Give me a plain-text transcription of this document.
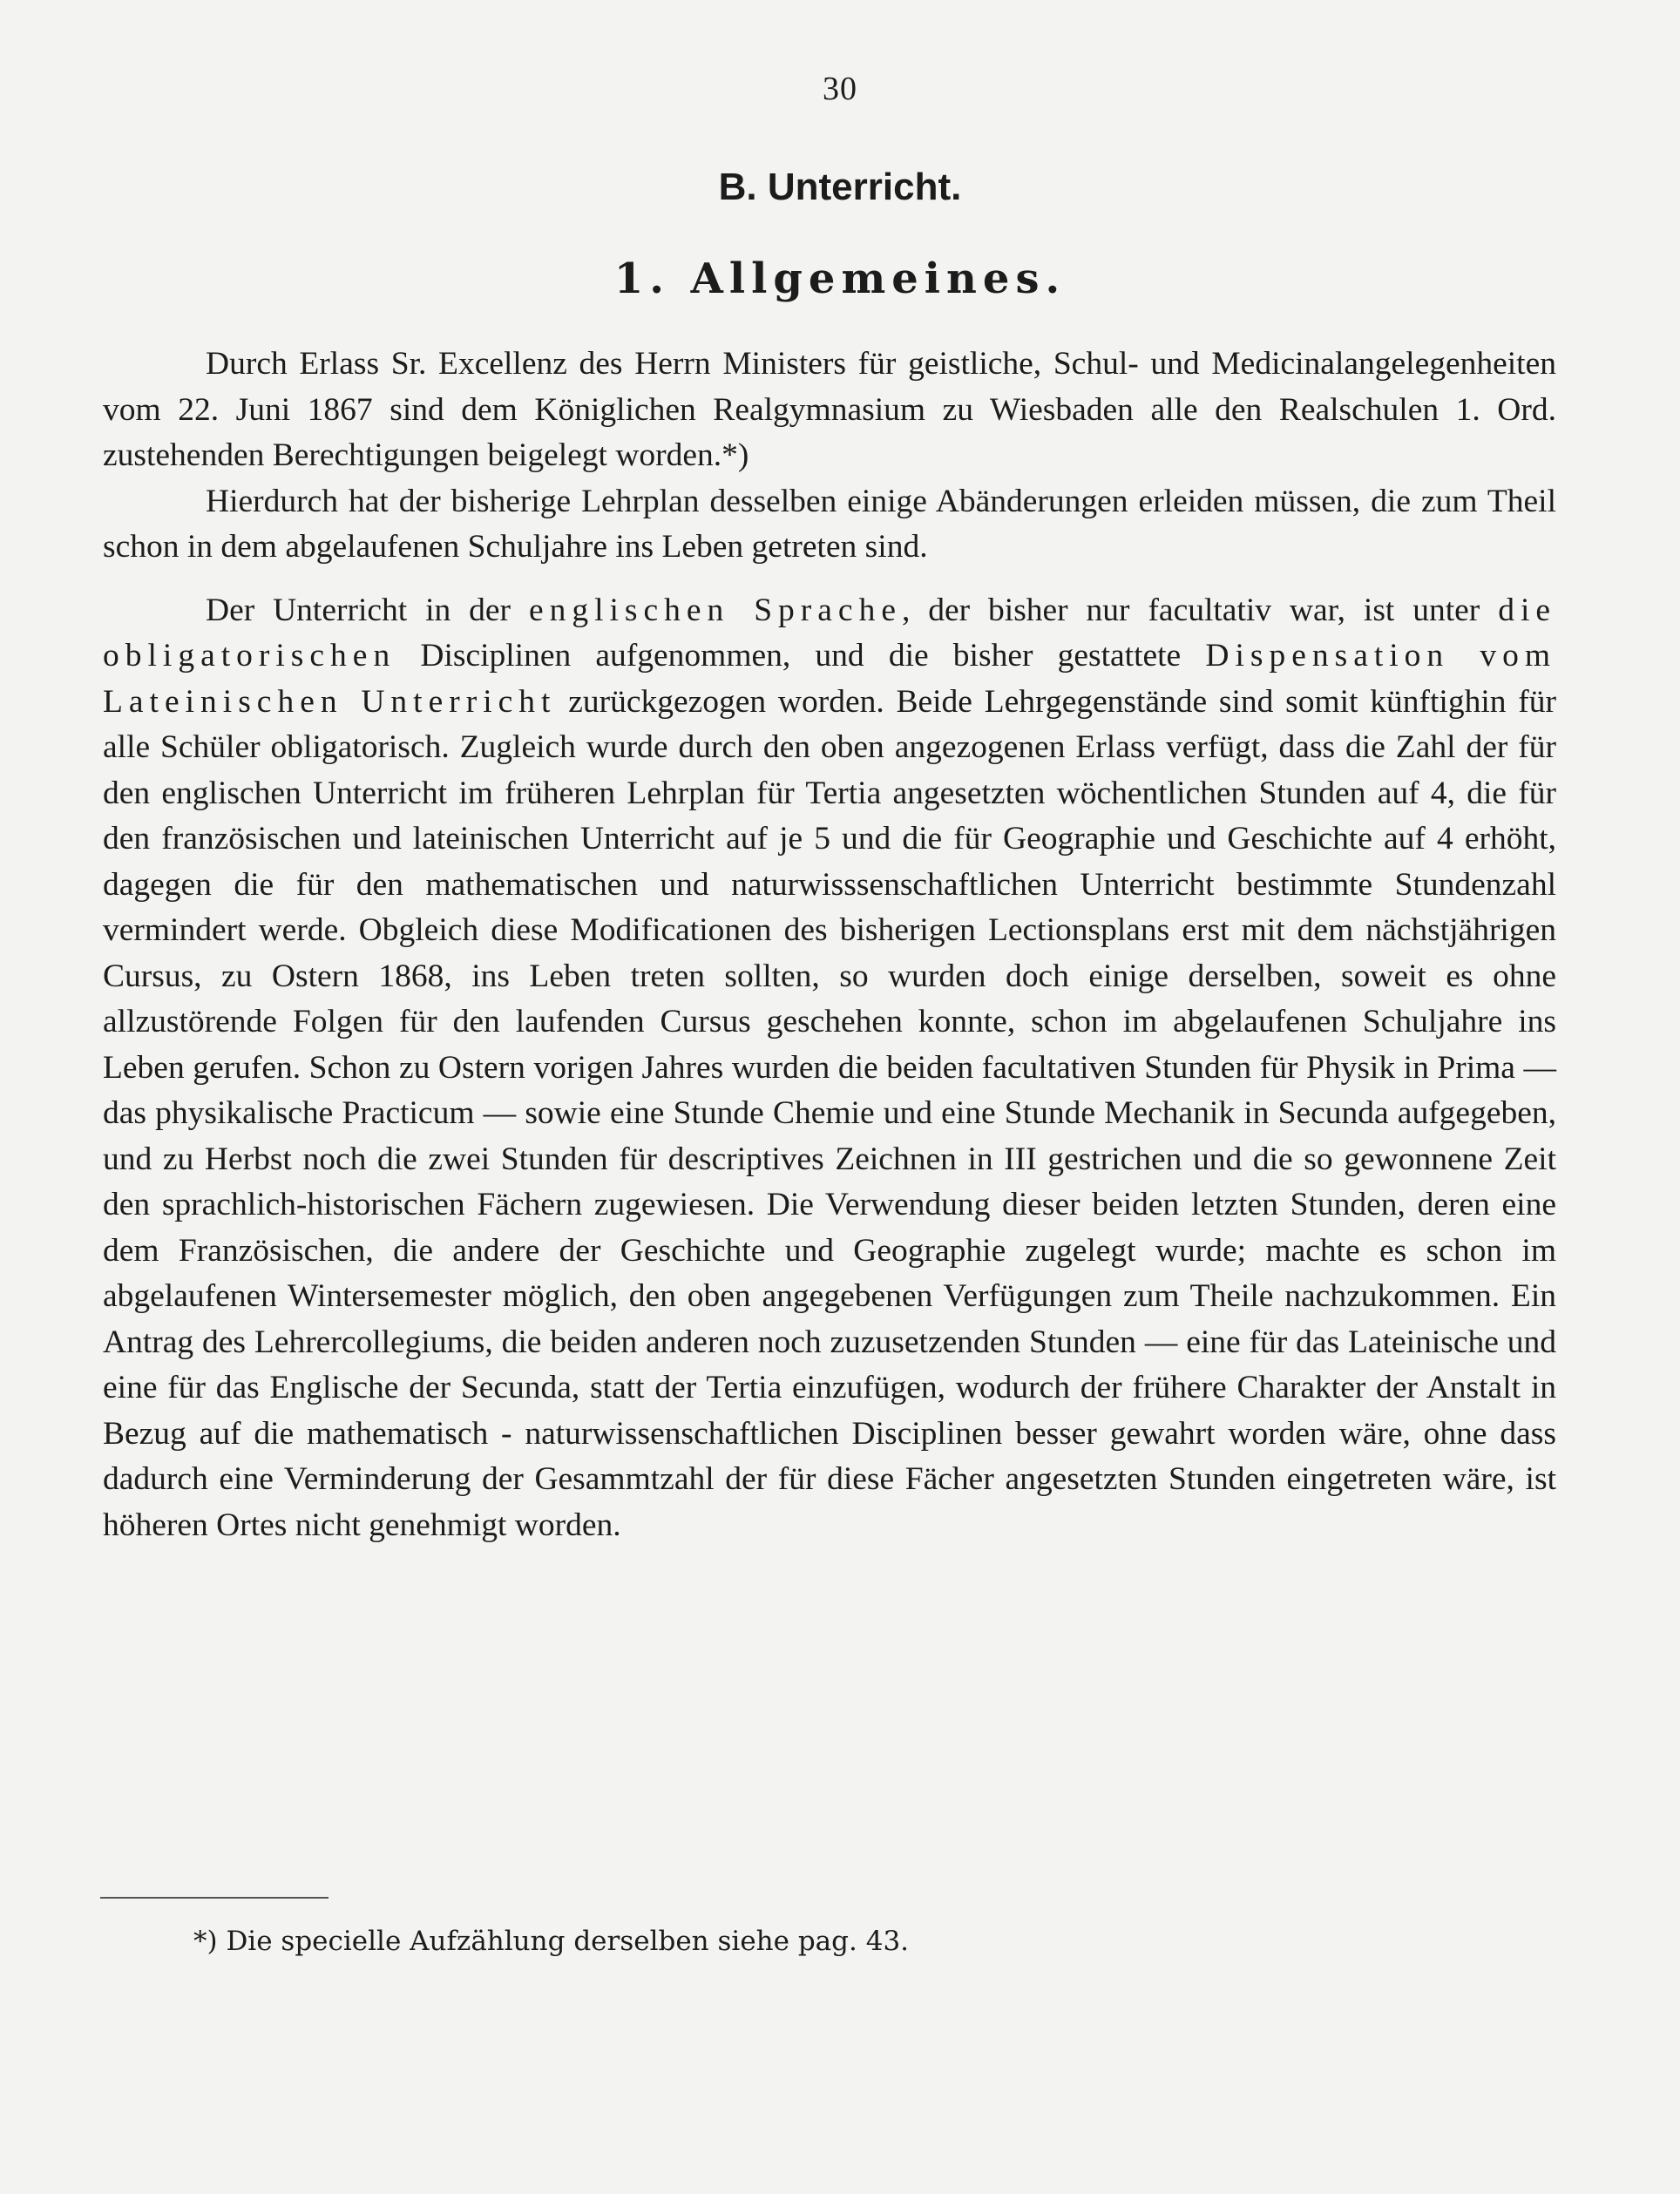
30
B. Unterricht.
1. Allgemeines.

Durch Erlass Sr. Excellenz des Herrn Ministers für geistliche, Schul- und Medicinalangelegenheiten vom 22. Juni 1867 sind dem Königlichen Realgymnasium zu Wiesbaden alle den Realschulen 1. Ord. zustehenden Berechtigungen beigelegt worden.*)

Hierdurch hat der bisherige Lehrplan desselben einige Abänderungen erleiden müssen, die zum Theil schon in dem abgelaufenen Schuljahre ins Leben getreten sind.

Der Unterricht in der englischen Sprache, der bisher nur facultativ war, ist unter die obligatorischen Disciplinen aufgenommen, und die bisher gestattete Dispensation vom Lateinischen Unterricht zurückgezogen worden. Beide Lehrgegenstände sind somit künftighin für alle Schüler obligatorisch. Zugleich wurde durch den oben angezogenen Erlass verfügt, dass die Zahl der für den englischen Unterricht im früheren Lehrplan für Tertia angesetzten wöchentlichen Stunden auf 4, die für den französischen und lateinischen Unterricht auf je 5 und die für Geographie und Geschichte auf 4 erhöht, dagegen die für den mathematischen und naturwisssenschaftlichen Unterricht bestimmte Stundenzahl vermindert werde. Obgleich diese Modificationen des bisherigen Lectionsplans erst mit dem nächstjährigen Cursus, zu Ostern 1868, ins Leben treten sollten, so wurden doch einige derselben, soweit es ohne allzustörende Folgen für den laufenden Cursus geschehen konnte, schon im abgelaufenen Schuljahre ins Leben gerufen. Schon zu Ostern vorigen Jahres wurden die beiden facultativen Stunden für Physik in Prima — das physikalische Practicum — sowie eine Stunde Chemie und eine Stunde Mechanik in Secunda aufgegeben, und zu Herbst noch die zwei Stunden für descriptives Zeichnen in III gestrichen und die so gewonnene Zeit den sprachlich-historischen Fächern zugewiesen. Die Verwendung dieser beiden letzten Stunden, deren eine dem Französischen, die andere der Geschichte und Geographie zugelegt wurde; machte es schon im abgelaufenen Wintersemester möglich, den oben angegebenen Verfügungen zum Theile nachzukommen. Ein Antrag des Lehrercollegiums, die beiden anderen noch zuzusetzenden Stunden — eine für das Lateinische und eine für das Englische der Secunda, statt der Tertia einzufügen, wodurch der frühere Charakter der Anstalt in Bezug auf die mathematisch - naturwissenschaftlichen Disciplinen besser gewahrt worden wäre, ohne dass dadurch eine Verminderung der Gesammtzahl der für diese Fächer angesetzten Stunden eingetreten wäre, ist höheren Ortes nicht genehmigt worden.

*) Die specielle Aufzählung derselben siehe pag. 43.
